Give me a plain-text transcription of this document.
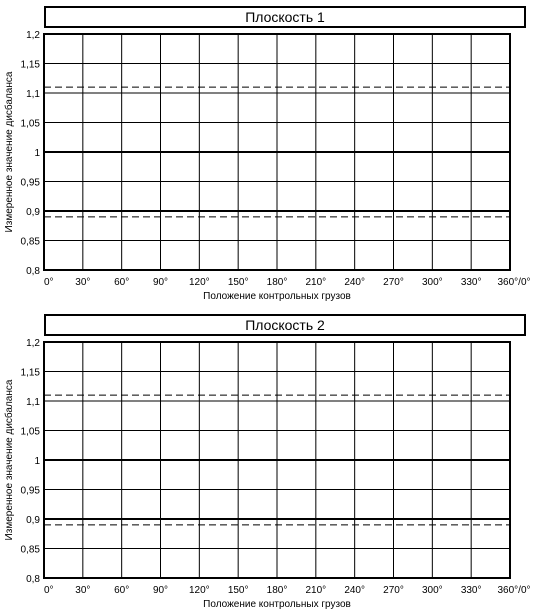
1,2
1,15
1,1
1,05
1
0,95
0,9
0,85
0,8
0° 30° 60° 90° 120° 150° 180° 210° 240° 270° 300° 330° 360°/0°
Положение контрольных грузов
Измеренное значение дисбаланса
Плоскость 1
1,2
1,15
1,1
1,05
1
0,95
0,9
0,85
0,8
0° 30° 60° 90° 120° 150° 180° 210° 240° 270° 300° 330° 360°/0°
Положение контрольных грузов
Измеренное значение дисбаланса
Плоскость 2
